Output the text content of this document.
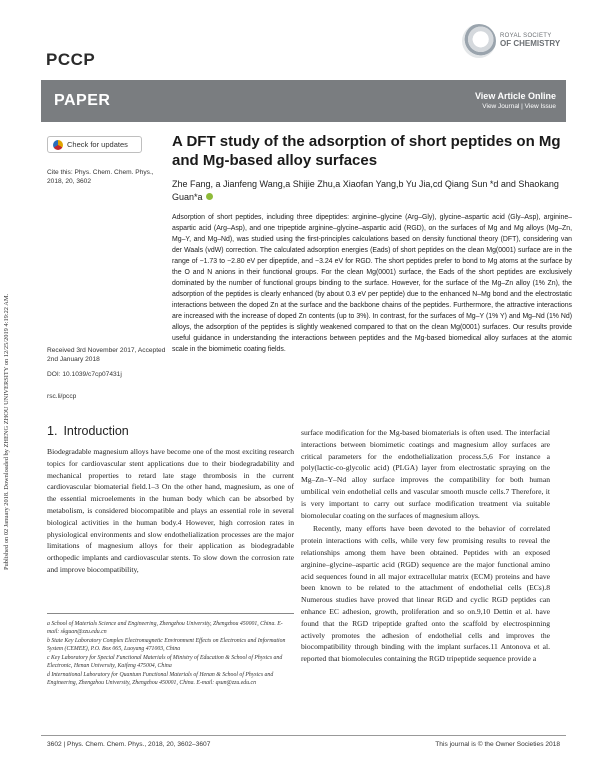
Published on 02 January 2018. Downloaded by ZHENG ZHOU UNIVERSITY on 12/25/2019 4:19:22 AM.
PCCP
ROYAL SOCIETY
OF CHEMISTRY
PAPER	View Article Online
View Journal | View Issue
Check for updates
Cite this: Phys. Chem. Chem. Phys., 2018, 20, 3602
A DFT study of the adsorption of short peptides on Mg and Mg-based alloy surfaces
Zhe Fang, a Jianfeng Wang,a Shijie Zhu,a Xiaofan Yang,b Yu Jia,cd Qiang Sun *d and Shaokang Guan*a
Adsorption of short peptides, including three dipeptides: arginine–glycine (Arg–Gly), glycine–aspartic acid (Gly–Asp), arginine–aspartic acid (Arg–Asp), and one tripeptide arginine–glycine–aspartic acid (RGD), on the surfaces of Mg and Mg alloys (Mg–Zn, Mg–Y, and Mg–Nd), was studied using the first-principles calculations based on density functional theory (DFT), considering van der Waals (vdW) correction. The calculated adsorption energies (Eads) of short peptides on the clean Mg(0001) surface are in the range of −1.73 to −2.80 eV per dipeptide, and −3.24 eV for RGD. The short peptides prefer to bond to Mg atoms at the surface by the O and N anions in their functional groups. For the clean Mg(0001) surface, the Eads of the short peptides are exclusively dominated by the number of functional groups binding to the surface. However, for the surface of the Mg–Zn alloy (1% Zn), the adsorption of the peptides is clearly enhanced (by about 0.3 eV per peptide) due to the enhanced N–Mg bond and the electrostatic interactions between the doped Zn at the surface and the backbone chains of the peptides. Furthermore, the attractive interactions are increased with the increase of doped Zn contents (up to 3%). In contrast, for the surfaces of Mg–Y (1% Y) and Mg–Nd (1% Nd) alloys, the adsorption of the peptides is slightly weakened compared to that on the clean Mg(0001) surfaces. Our results provide useful guidance in understanding the interactions between peptides and the Mg-based biomedical alloy surfaces at the atomic scale in the biomimetic coating fields.
Received 3rd November 2017, Accepted 2nd January 2018
DOI: 10.1039/c7cp07431j
rsc.li/pccp
1. Introduction

Biodegradable magnesium alloys have become one of the most exciting research topics for cardiovascular stent applications due to their biodegradability and mechanical properties to retard late stage thrombosis in the current cardiovascular biomaterial field.1–3 On the other hand, magnesium, as one of the essential microelements in the human body which can be absorbed by metabolism, is considered biocompatible and plays an essential role in several biological activities in the human body.4 However, high corrosion rates in physiological environments and slow endothelialization processes are the major limitations of magnesium alloys for their application as biodegradable orthopedic implants and cardiovascular stents. To slow down the corrosion rate and improve biocompatibility,

surface modification for the Mg-based biomaterials is often used. The interfacial interactions between biomimetic coatings and magnesium alloy surfaces are critical parameters for the endothelialization process.5,6 For instance a poly(lactic-co-glycolic acid) (PLGA) layer from electrostatic spraying on the Mg–Zn–Y–Nd alloy surface improves the compatibility for both human umbilical vein endothelial cells and vascular smooth muscle cells.7 Therefore, it is very important to carry out surface modification treatment via suitable biomolecular coating on the surfaces of magnesium alloys.

Recently, many efforts have been devoted to the behavior of correlated protein interactions with cells, while very few promising results to reveal the relationships among them have been obtained. Peptides with an exposed arginine–glycine–aspartic acid (RGD) sequence are the major functional amino acid sequences found in all major extracellular matrix (ECM) proteins and have been known to be related to the attachment of endothelial cells (ECs).8 Numerous studies have proved that linear RGD and cyclic RGD peptides can enhance EC adhesion, growth, proliferation and so on.9,10 Dettin et al. have found that the RGD tripeptide grafted onto the scaffold by electrospinning actively promotes the adhesion of endothelial cells and improves the biocompatibility through binding with the implant surfaces.11 Antonova et al. reported that biomolecules containing the RGD tripeptide sequence provide a

a School of Materials Science and Engineering, Zhengzhou University, Zhengzhou 450001, China. E-mail: skguan@zzu.edu.cn
b State Key Laboratory Complex Electromagnetic Environment Effects on Electronics and Information System (CEMEE), P.O. Box 065, Luoyang 471003, China
c Key Laboratory for Special Functional Materials of Ministry of Education & School of Physics and Electronic, Henan University, Kaifeng 475004, China
d International Laboratory for Quantum Functional Materials of Henan & School of Physics and Engineering, Zhengzhou University, Zhengzhou 450001, China. E-mail: qsun@zzu.edu.cn
3602 | Phys. Chem. Chem. Phys., 2018, 20, 3602–3607	This journal is © the Owner Societies 2018
